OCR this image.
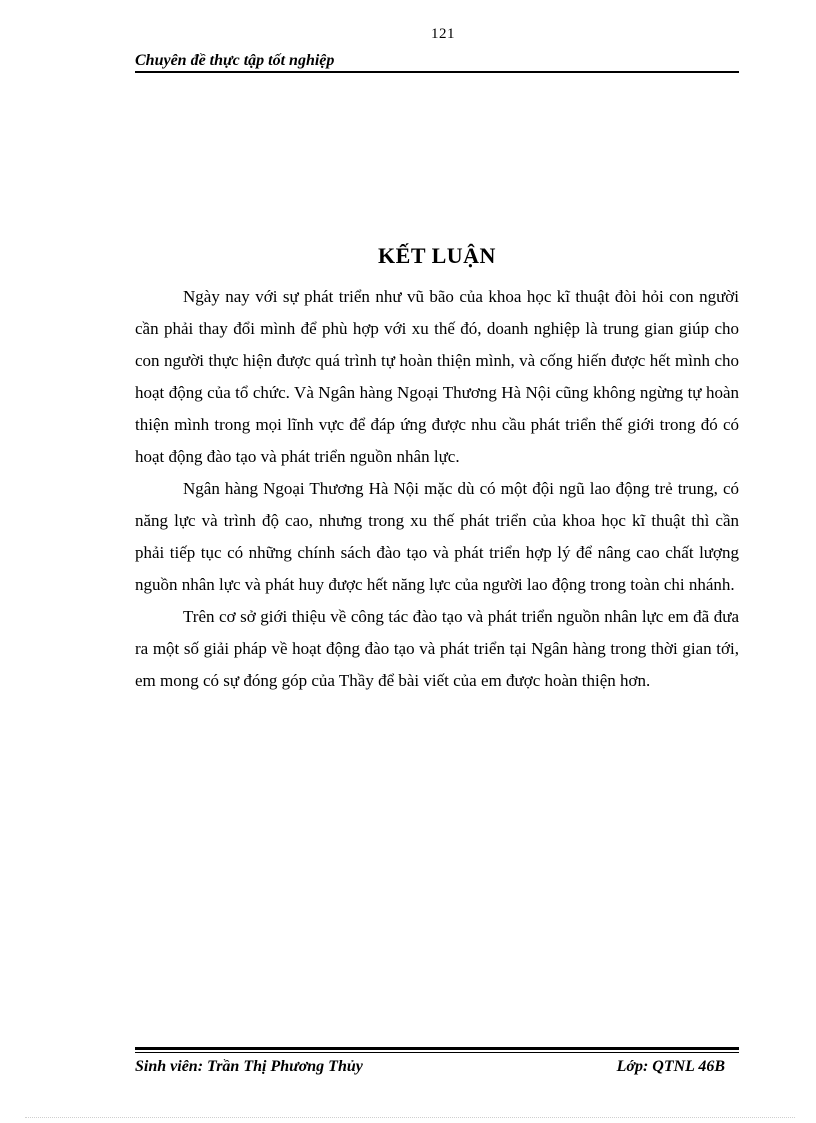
121
Chuyên đề thực tập tốt nghiệp
KẾT LUẬN

Ngày nay với sự phát triển như vũ bão của khoa học kĩ thuật đòi hỏi con người cần phải thay đổi mình để phù hợp với xu thế đó, doanh nghiệp là trung gian giúp cho con người thực hiện được quá trình tự hoàn thiện mình, và cống hiến được hết mình cho hoạt động của tổ chức. Và Ngân hàng Ngoại Thương Hà Nội cũng không ngừng tự hoàn thiện mình trong mọi lĩnh vực để đáp ứng được nhu cầu phát triển thế giới trong đó có hoạt động đào tạo và phát triển nguồn nhân lực.

Ngân hàng Ngoại Thương Hà Nội mặc dù có một đội ngũ lao động trẻ trung, có năng lực và trình độ cao, nhưng trong xu thế phát triển của khoa học kĩ thuật thì cần phải tiếp tục có những chính sách đào tạo và phát triển hợp lý để nâng cao chất lượng nguồn nhân lực và phát huy được hết năng lực của người lao động trong toàn chi nhánh.

Trên cơ sở giới thiệu về công tác đào tạo và phát triển nguồn nhân lực em đã đưa ra một số giải pháp về hoạt động đào tạo và phát triển tại Ngân hàng trong thời gian tới, em mong có sự đóng góp của Thầy để bài viết của em được hoàn thiện hơn.

Sinh viên: Trần Thị Phương Thủy	Lớp: QTNL 46B
